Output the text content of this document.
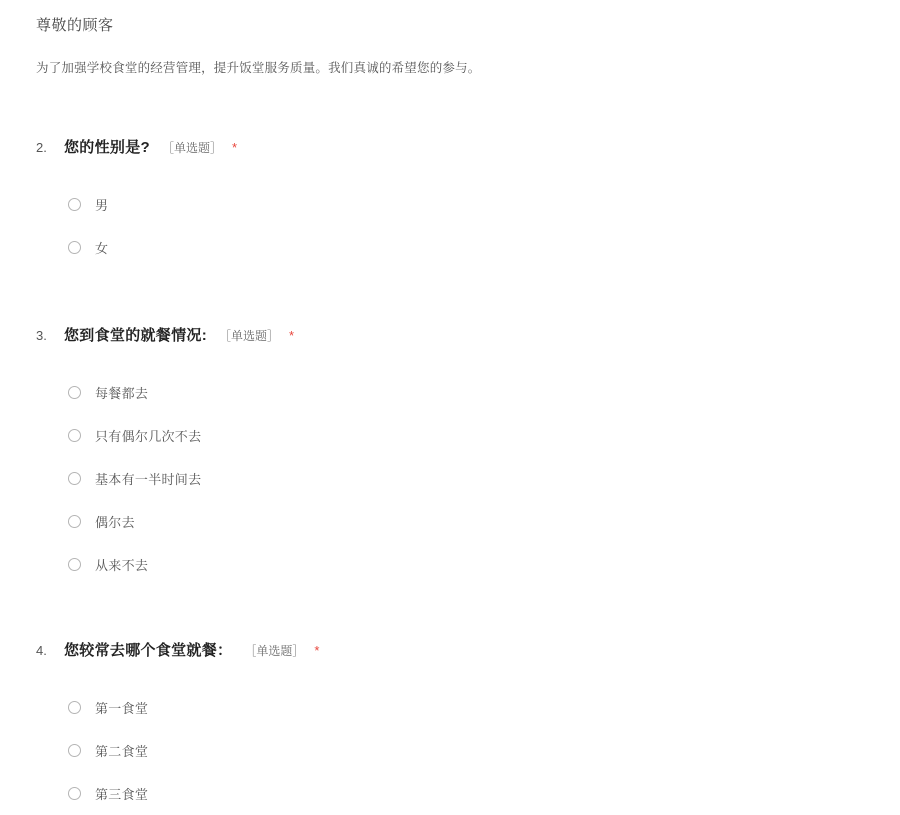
尊敬的顾客
为了加强学校食堂的经营管理，提升饭堂服务质量。我们真诚的希望您的参与。
2.	您的性别是? ［单选题］ *
男
女
3.	您到食堂的就餐情况: ［单选题］ *
每餐都去
只有偶尔几次不去
基本有一半时间去
偶尔去
从来不去
4.	您较常去哪个食堂就餐： ［单选题］ *
第一食堂
第二食堂
第三食堂
